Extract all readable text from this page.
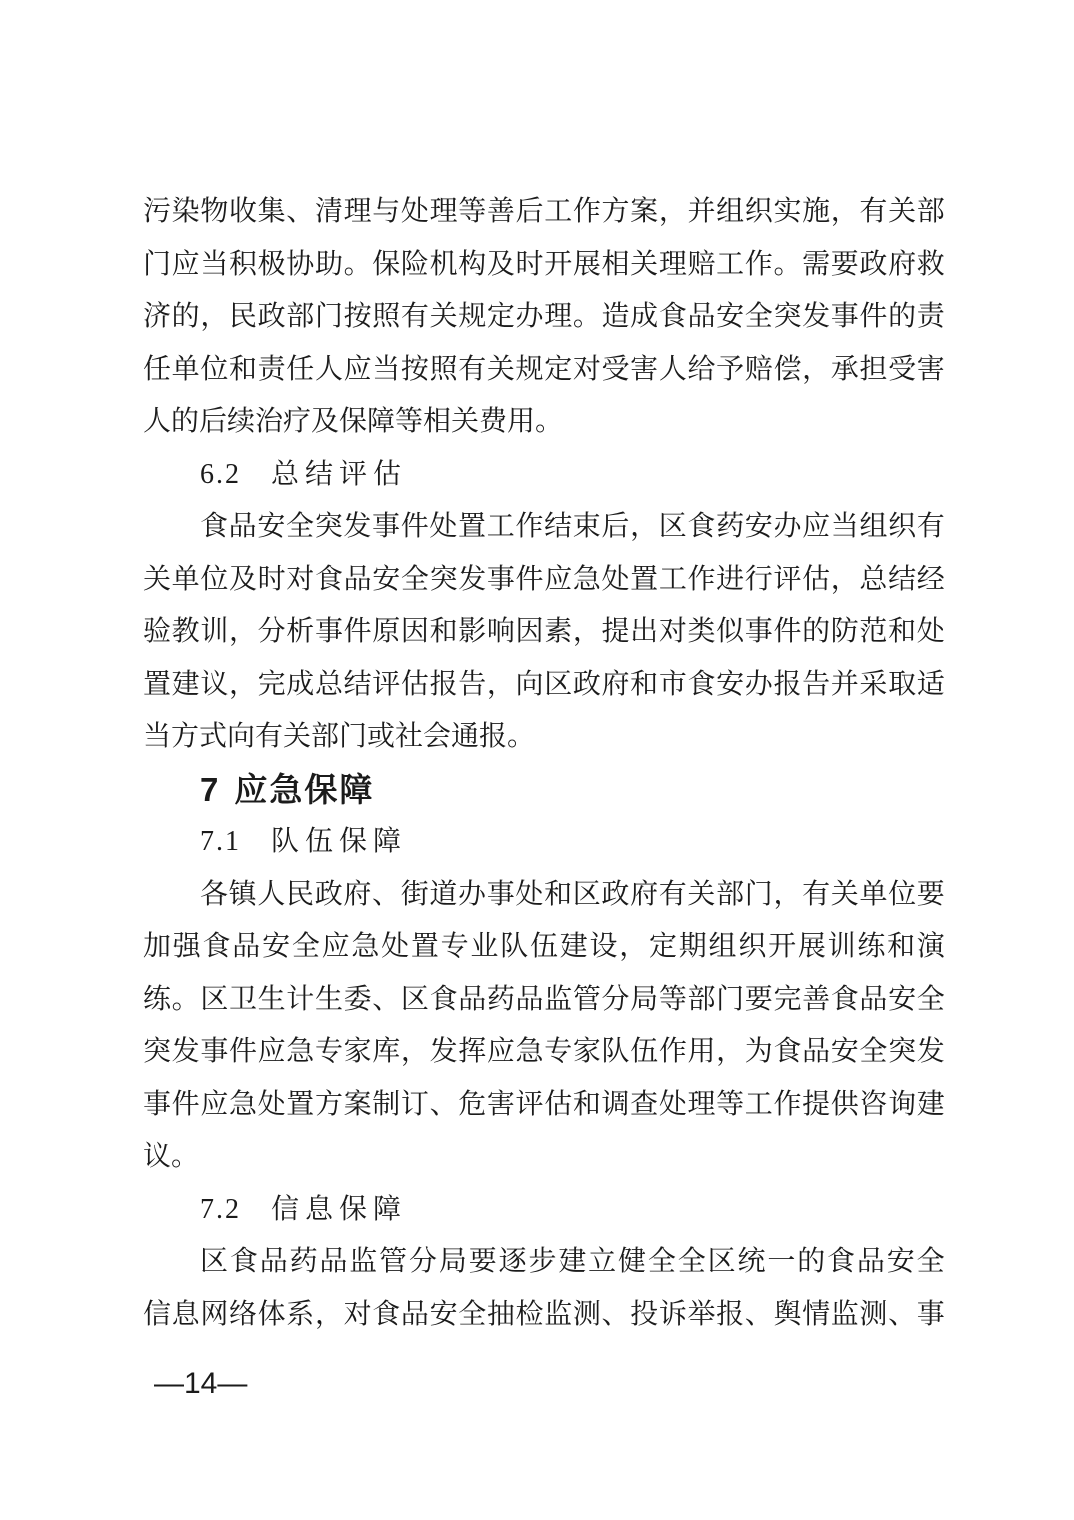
污 染 物 收 集 、 清 理 与 处 理 等 善 后 工 作 方 案 ， 并 组 织 实 施 ， 有 关 部
门 应 当 积 极 协 助 。 保 险 机 构 及 时 开 展 相 关 理 赔 工 作 。 需 要 政 府 救
济 的 ， 民 政 部 门 按 照 有 关 规 定 办 理 。 造 成 食 品 安 全 突 发 事 件 的 责
任 单 位 和 责 任 人 应 当 按 照 有 关 规 定 对 受 害 人 给 予 赔 偿 ， 承 担 受 害
人的后续治疗及保障等相关费用。
6.2 总结评估
食 品 安 全 突 发 事 件 处 置 工 作 结 束 后 ， 区 食 药 安 办 应 当 组 织 有
关 单 位 及 时 对 食 品 安 全 突 发 事 件 应 急 处 置 工 作 进 行 评 估 ， 总 结 经
验 教 训 ， 分 析 事 件 原 因 和 影 响 因 素 ， 提 出 对 类 似 事 件 的 防 范 和 处
置 建 议 ， 完 成 总 结 评 估 报 告 ， 向 区 政 府 和 市 食 安 办 报 告 并 采 取 适
当方式向有关部门或社会通报。
7 应急保障
7.1 队伍保障
各 镇 人 民 政 府 、 街 道 办 事 处 和 区 政 府 有 关 部 门 ， 有 关 单 位 要
加 强 食 品 安 全 应 急 处 置 专 业 队 伍 建 设 ， 定 期 组 织 开 展 训 练 和 演
练 。 区 卫 生 计 生 委 、 区 食 品 药 品 监 管 分 局 等 部 门 要 完 善 食 品 安 全
突 发 事 件 应 急 专 家 库 ， 发 挥 应 急 专 家 队 伍 作 用 ， 为 食 品 安 全 突 发
事 件 应 急 处 置 方 案 制 订 、 危 害 评 估 和 调 查 处 理 等 工 作 提 供 咨 询 建
议。
7.2 信息保障
区 食 品 药 品 监 管 分 局 要 逐 步 建 立 健 全 全 区 统 一 的 食 品 安 全
信 息 网 络 体 系 ， 对 食 品 安 全 抽 检 监 测 、 投 诉 举 报 、 舆 情 监 测 、 事
—14—
